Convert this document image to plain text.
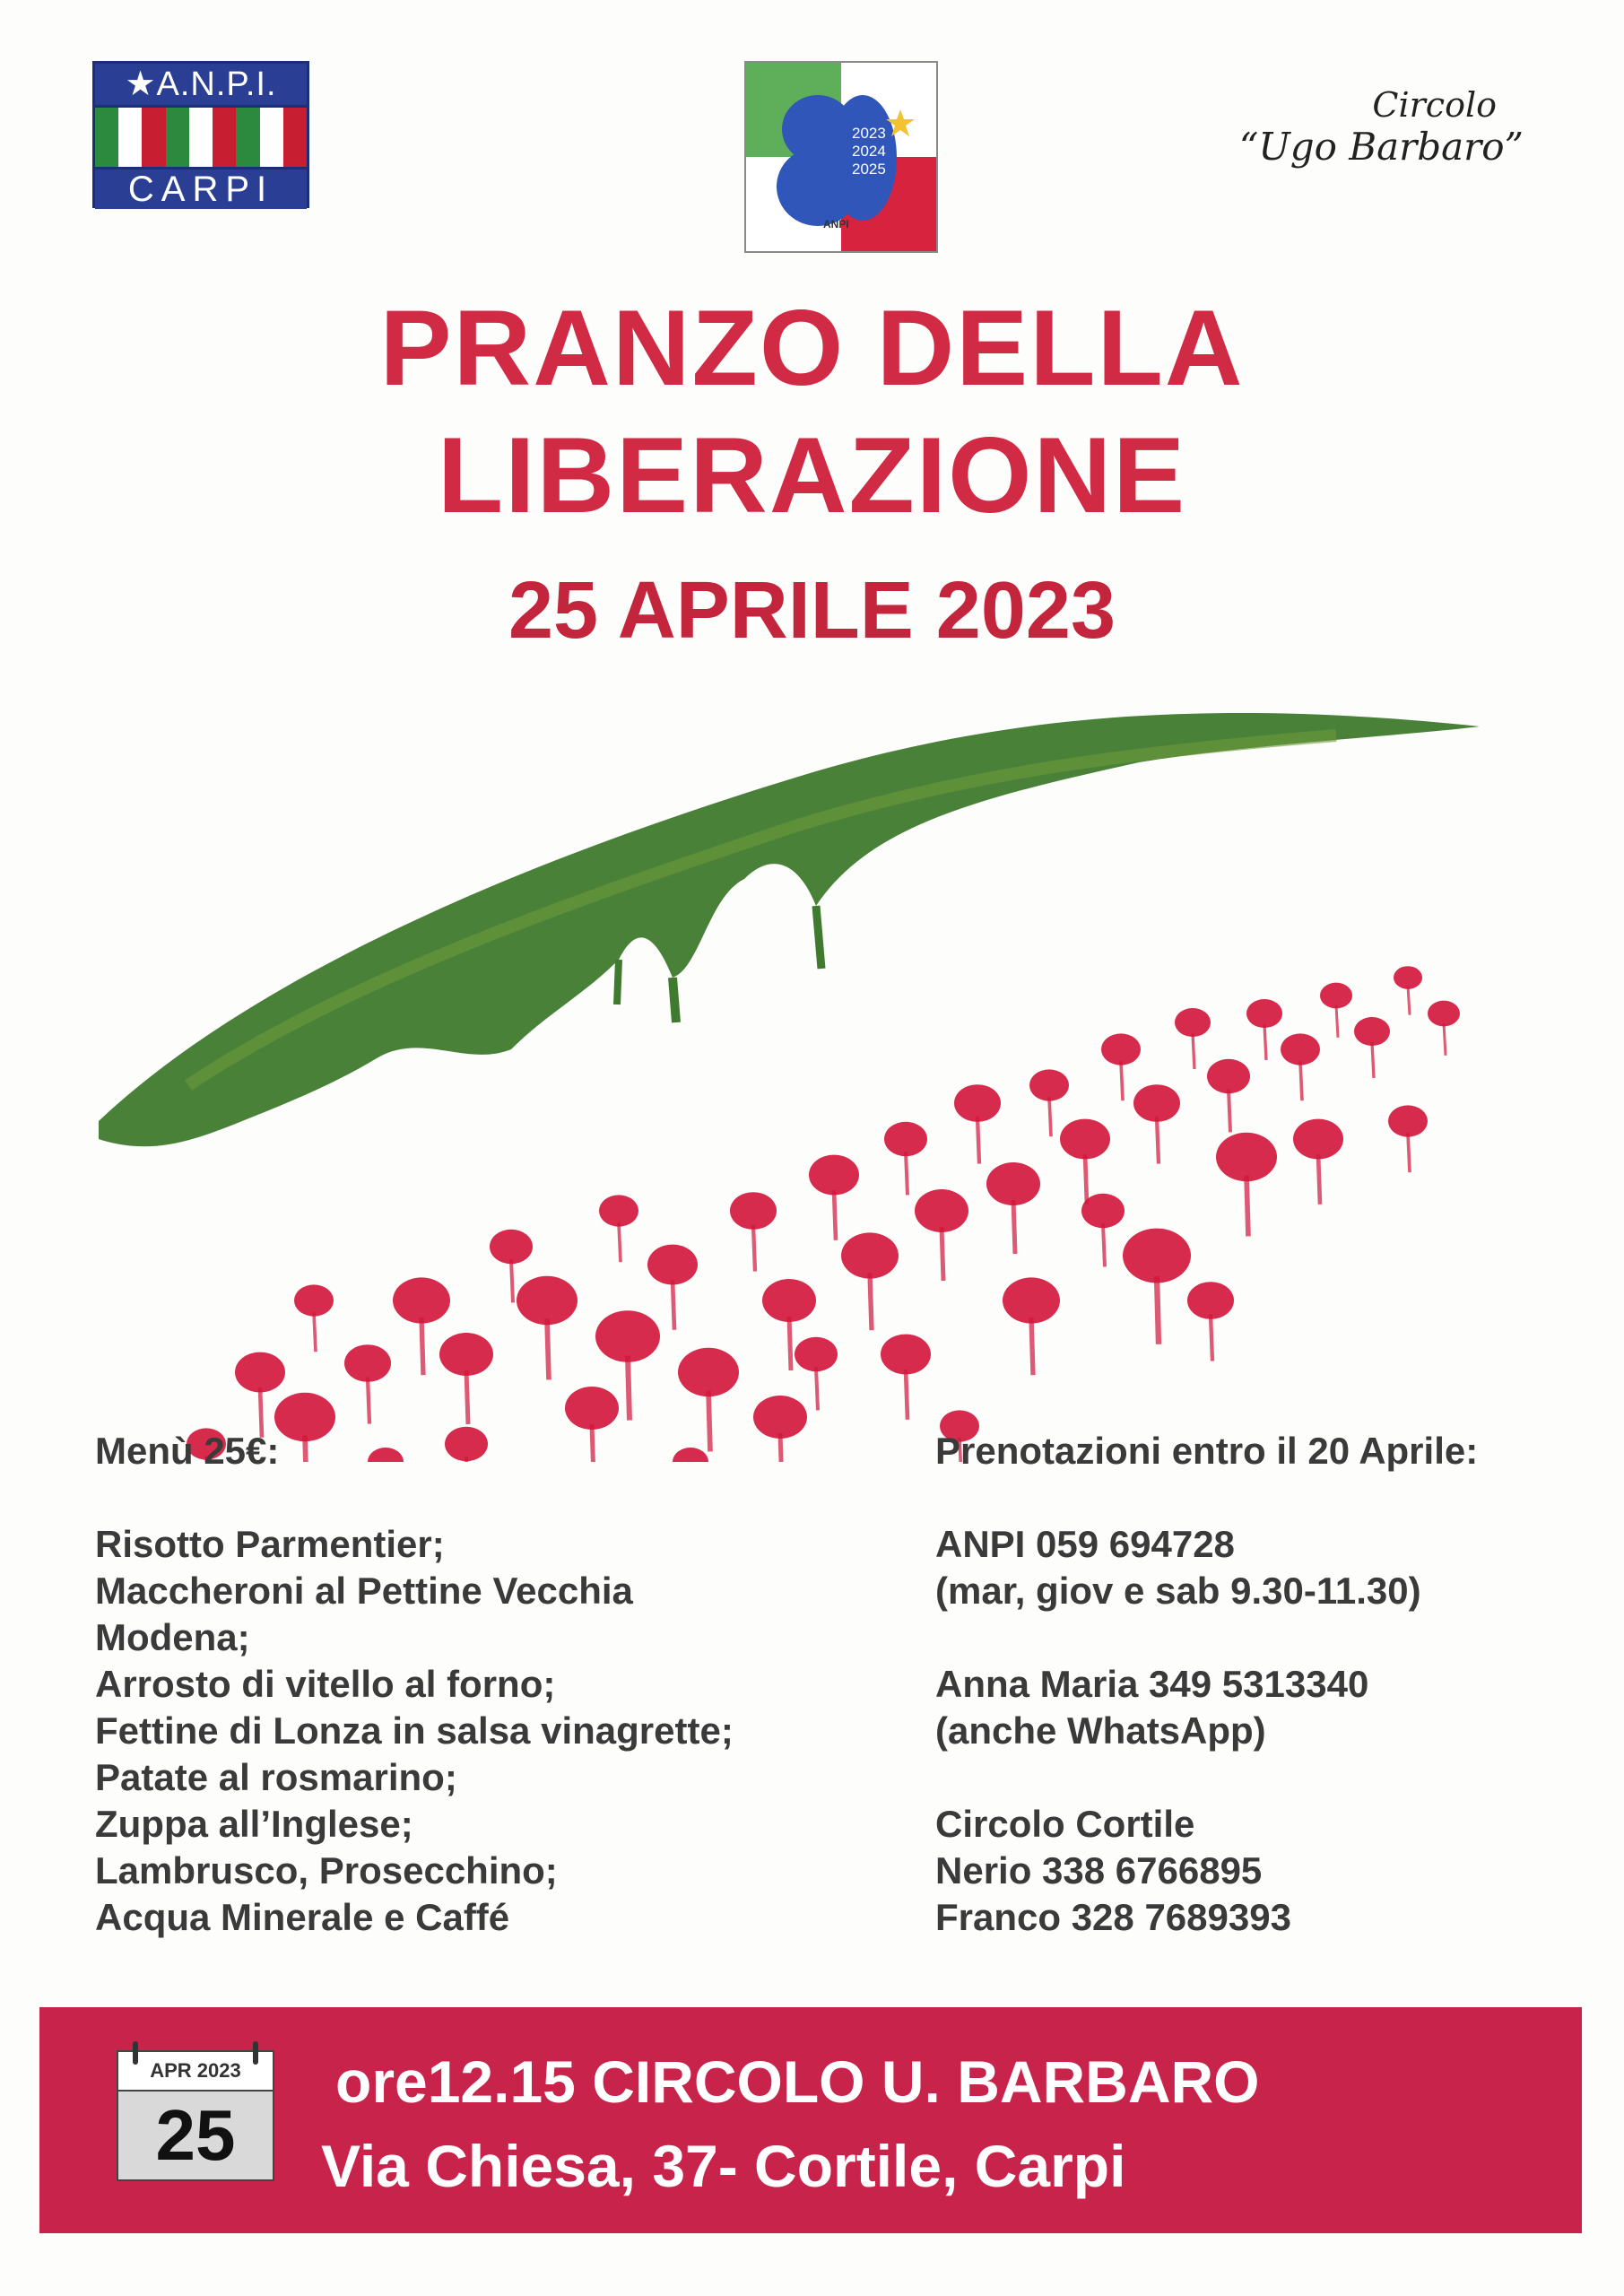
★A.N.P.I.
CARPI
2023
2024
2025
ANPI
Circolo
“Ugo Barbaro”
PRANZO DELLA
LIBERAZIONE
25 APRILE 2023
Menù 25€:
Risotto Parmentier;
Maccheroni al Pettine Vecchia
Modena;
Arrosto di vitello al forno;
Fettine di Lonza in salsa vinagrette;
Patate al rosmarino;
Zuppa all’Inglese;
Lambrusco, Prosecchino;
Acqua Minerale e Caffé
Prenotazioni entro il 20 Aprile:
ANPI 059 694728
(mar, giov e sab 9.30-11.30)
Anna Maria 349 5313340
(anche WhatsApp)
Circolo Cortile
Nerio 338 6766895
Franco 328 7689393
APR 2023
25
ore12.15 CIRCOLO U. BARBARO
Via Chiesa, 37- Cortile, Carpi
